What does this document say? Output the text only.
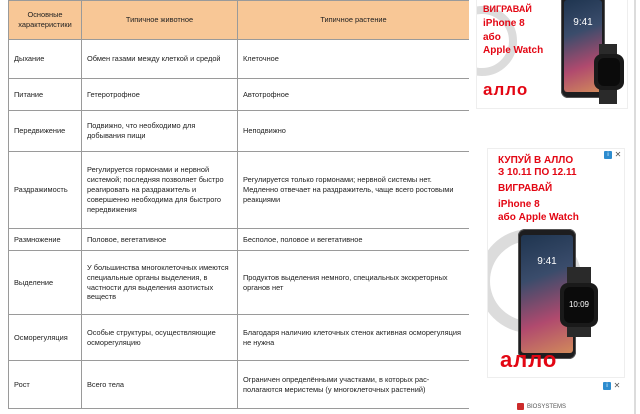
Основные характеристики	Типичное животное	Типичное растение
Дыхание	Обмен газами между клеткой и средой	Клеточное
Питание	Гетеротрофное	Автотрофное
Передвижение	Подвижно, что необходимо для добывания пищи	Неподвижно
Раздражимость	Регулируется гормонами и нервной системой; последняя позволяет быстро реагировать на раздражитель и совершенно необходима для быстрого передвижения	Регулируется только гормонами; нервной системы нет. Медленно отвечает на раздражитель, чаще всего ростовыми реакциями
Размножение	Половое, вегетативное	Бесполое, половое и вегетативное
Выделение	У большинства многоклеточных имеются специальные органы выделения, в частности для выделения азотистых веществ	Продуктов выделения немного, специальных экскреторных органов нет
Осморегуляция	Особые структуры, осуществляющие осморегуляцию	Благодаря наличию клеточных стенок активная осморегуляция не нужна
Рост	Всего тела	Ограничен определёнными участками, в которых располагаются меристемы (у многоклеточных растений)
ВИГРАВАЙ
iPhone 8
або
Apple Watch
алло
9:41
i ✕
КУПУЙ В АЛЛО
З 10.11 ПО 12.11
ВИГРАВАЙ
iPhone 8
або Apple Watch
9:41
10:09
алло
i ✕
BIOSYSTEMS
